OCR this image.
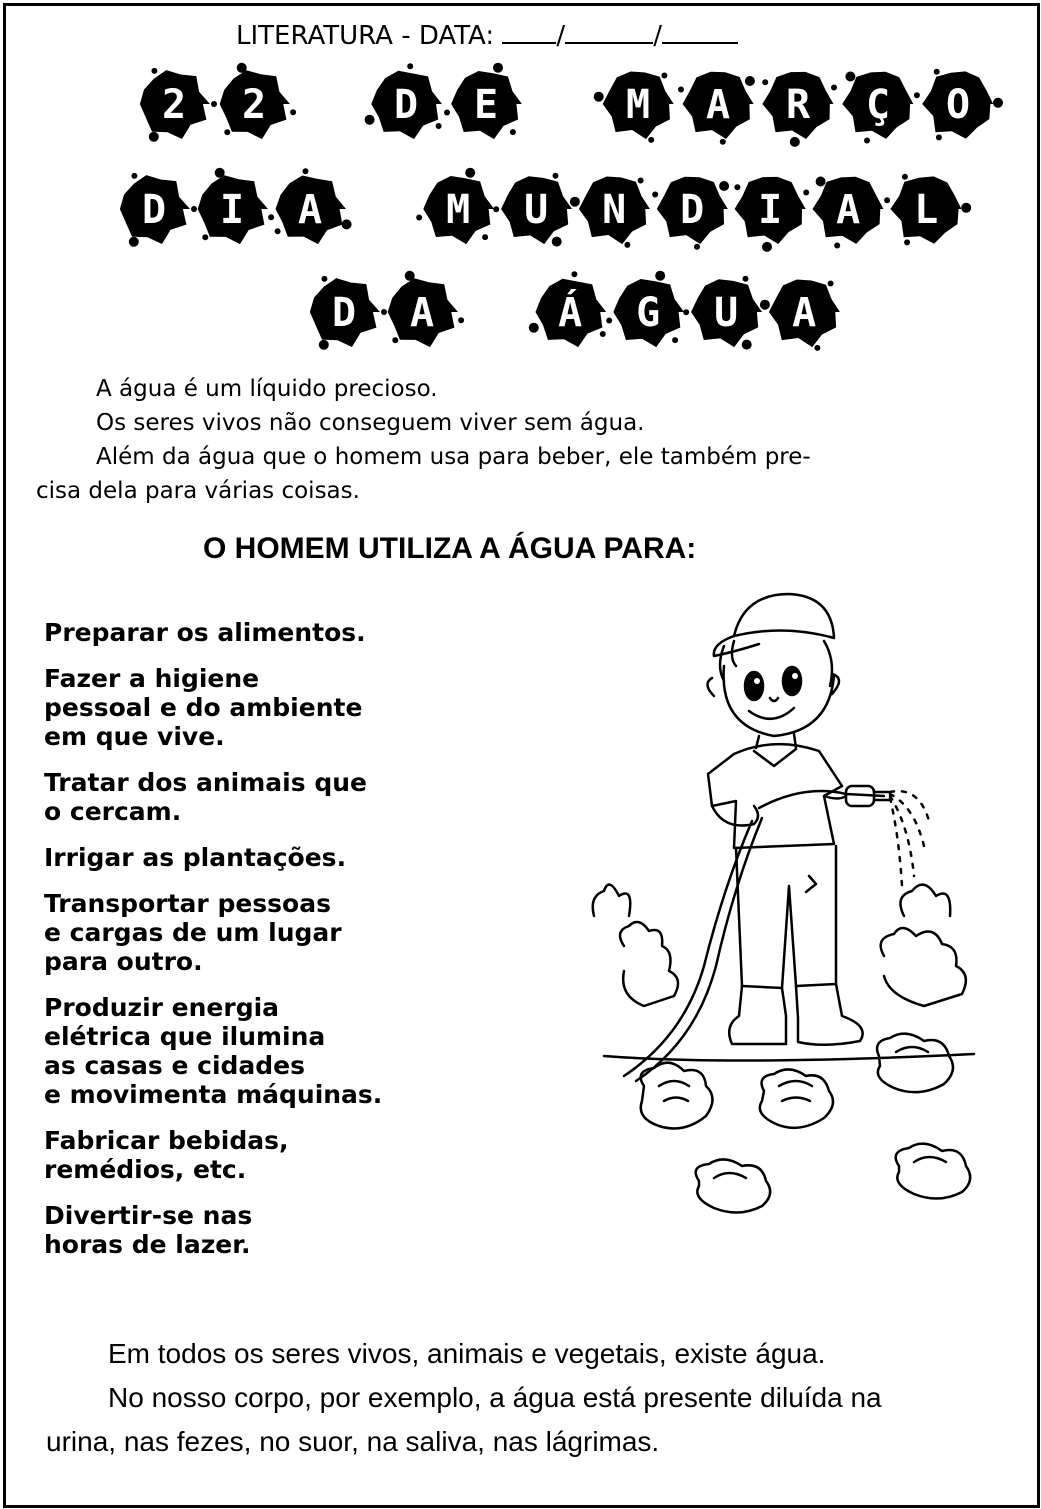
LITERATURA - DATA: /	/
2 2	D E	M A R Ç O
D I A	M U N D I A L
D A	Á G U A

A água é um líquido precioso.

Os seres vivos não conseguem viver sem água.

Além da água que o homem usa para beber, ele também pre-

cisa dela para várias coisas.

O HOMEM UTILIZA A ÁGUA PARA:

Preparar os alimentos.

Fazer a higiene
pessoal e do ambiente
em que vive.

Tratar dos animais que
o cercam.

Irrigar as plantações.

Transportar pessoas
e cargas de um lugar
para outro.

Produzir energia
elétrica que ilumina
as casas e cidades
e movimenta máquinas.

Fabricar bebidas,
remédios, etc.

Divertir-se nas
horas de lazer.

Em todos os seres vivos, animais e vegetais, existe água.

No nosso corpo, por exemplo, a água está presente diluída na

urina, nas fezes, no suor, na saliva, nas lágrimas.
